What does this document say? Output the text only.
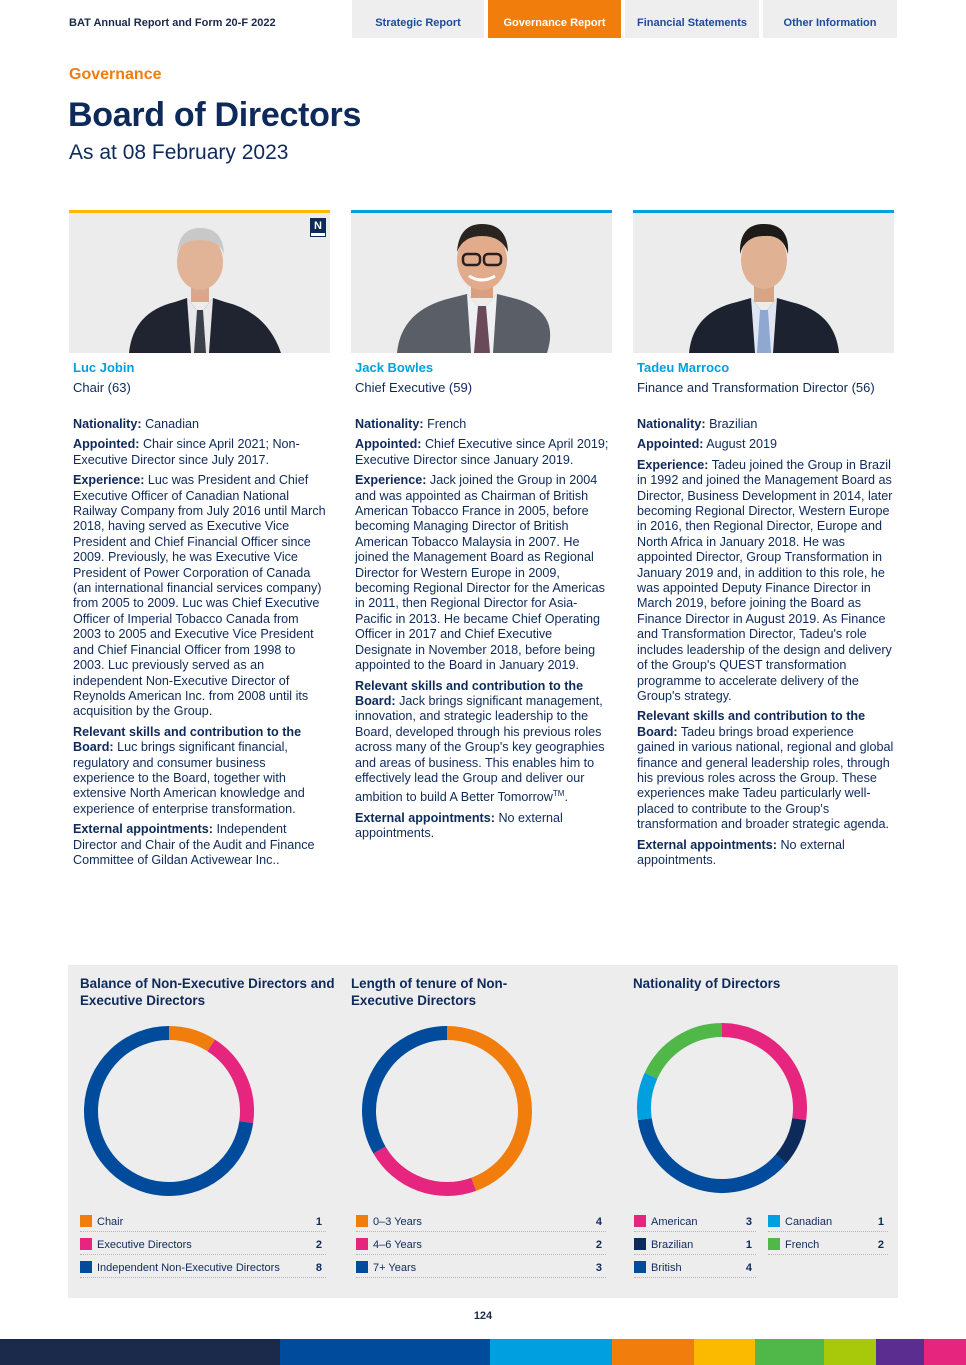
BAT Annual Report and Form 20-F 2022	Strategic Report	Governance Report	Financial Statements	Other Information
Governance
Board of Directors
As at 08 February 2023
N
Luc Jobin
Chair (63)

Nationality: Canadian

Appointed: Chair since April 2021; Non-Executive Director since July 2017.

Experience: Luc was President and Chief Executive Officer of Canadian National Railway Company from July 2016 until March 2018, having served as Executive Vice President and Chief Financial Officer since 2009. Previously, he was Executive Vice President of Power Corporation of Canada (an international financial services company) from 2005 to 2009. Luc was Chief Executive Officer of Imperial Tobacco Canada from 2003 to 2005 and Executive Vice President and Chief Financial Officer from 1998 to 2003. Luc previously served as an independent Non-Executive Director of Reynolds American Inc. from 2008 until its acquisition by the Group.

Relevant skills and contribution to the Board: Luc brings significant financial, regulatory and consumer business experience to the Board, together with extensive North American knowledge and experience of enterprise transformation.

External appointments: Independent Director and Chair of the Audit and Finance Committee of Gildan Activewear Inc..

Jack Bowles
Chief Executive (59)

Nationality: French

Appointed: Chief Executive since April 2019; Executive Director since January 2019.

Experience: Jack joined the Group in 2004 and was appointed as Chairman of British American Tobacco France in 2005, before becoming Managing Director of British American Tobacco Malaysia in 2007. He joined the Management Board as Regional Director for Western Europe in 2009, becoming Regional Director for the Americas in 2011, then Regional Director for Asia-Pacific in 2013. He became Chief Operating Officer in 2017 and Chief Executive Designate in November 2018, before being appointed to the Board in January 2019.

Relevant skills and contribution to the Board: Jack brings significant management, innovation, and strategic leadership to the Board, developed through his previous roles across many of the Group's key geographies and areas of business. This enables him to effectively lead the Group and deliver our ambition to build A Better Tomorrow™.

External appointments: No external appointments.

Tadeu Marroco
Finance and Transformation Director (56)

Nationality: Brazilian

Appointed: August 2019

Experience: Tadeu joined the Group in Brazil in 1992 and joined the Management Board as Director, Business Development in 2014, later becoming Regional Director, Western Europe in 2016, then Regional Director, Europe and North Africa in January 2018. He was appointed Director, Group Transformation in January 2019 and, in addition to this role, he was appointed Deputy Finance Director in March 2019, before joining the Board as Finance Director in August 2019. As Finance and Transformation Director, Tadeu's role includes leadership of the design and delivery of the Group's QUEST transformation programme to accelerate delivery of the Group's strategy.

Relevant skills and contribution to the Board: Tadeu brings broad experience gained in various national, regional and global finance and general leadership roles, through his previous roles across the Group. These experiences make Tadeu particularly well-placed to contribute to the Group's transformation and broader strategic agenda.

External appointments: No external appointments.

Balance of Non-Executive Directors and Executive Directors
Length of tenure of Non-Executive Directors
Nationality of Directors
Chair	1
Executive Directors	2
Independent Non-Executive Directors	8
0–3 Years	4
4–6 Years	2
7+ Years	3
American	3
Brazilian	1
British	4
Canadian	1
French	2
124
